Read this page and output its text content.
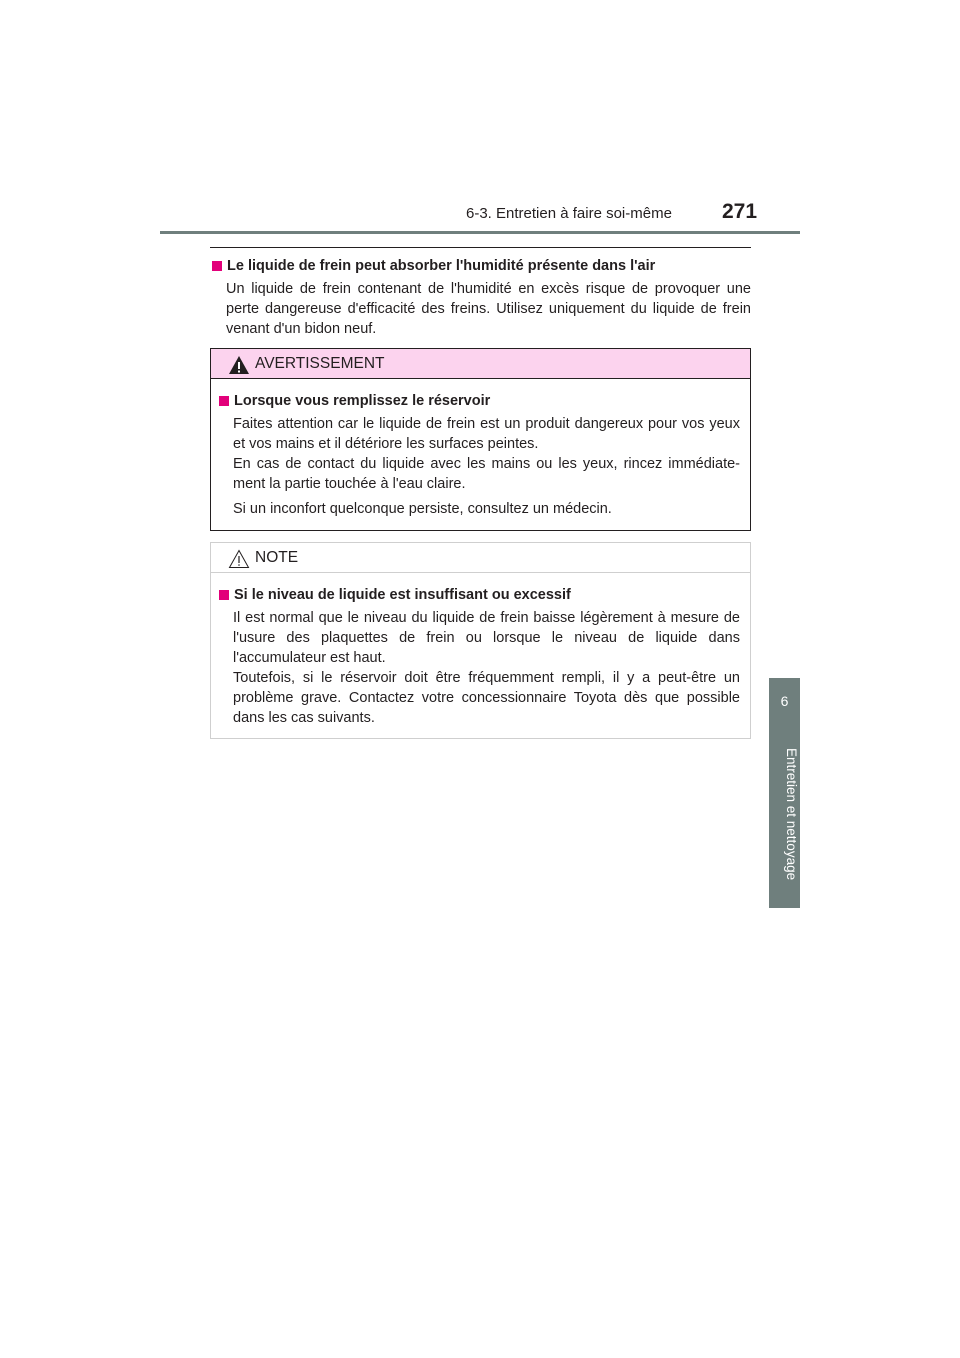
6-3. Entretien à faire soi-même 271
6
Entretien et nettoyage
Le liquide de frein peut absorber l'humidité présente dans l'air

Un liquide de frein contenant de l'humidité en excès risque de provoquer une perte dangereuse d'efficacité des freins. Utilisez uniquement du liquide de frein venant d'un bidon neuf.

AVERTISSEMENT
Lorsque vous remplissez le réservoir

Faites attention car le liquide de frein est un produit dangereux pour vos yeux et vos mains et il détériore les surfaces peintes.

En cas de contact du liquide avec les mains ou les yeux, rincez immédiate-ment la partie touchée à l'eau claire.

Si un inconfort quelconque persiste, consultez un médecin.

NOTE
Si le niveau de liquide est insuffisant ou excessif

Il est normal que le niveau du liquide de frein baisse légèrement à mesure de l'usure des plaquettes de frein ou lorsque le niveau de liquide dans l'accumulateur est haut.

Toutefois, si le réservoir doit être fréquemment rempli, il y a peut-être un problème grave. Contactez votre concessionnaire Toyota dès que possible dans les cas suivants.
